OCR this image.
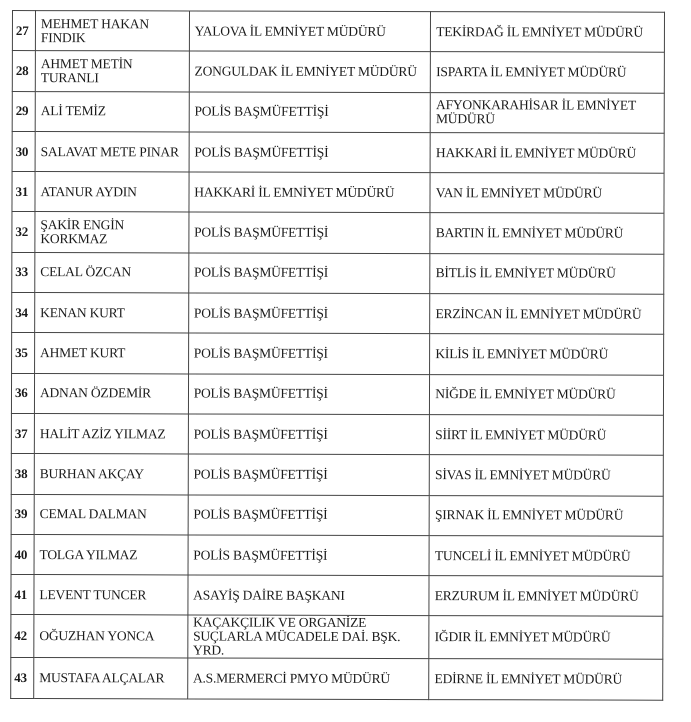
27	MEHMET HAKAN FINDIK	YALOVA İL EMNİYET MÜDÜRÜ	TEKİRDAĞ İL EMNİYET MÜDÜRÜ
28	AHMET METİN TURANLI	ZONGULDAK İL EMNİYET MÜDÜRÜ	ISPARTA İL EMNİYET MÜDÜRÜ
29	ALİ TEMİZ	POLİS BAŞMÜFETTİŞİ	AFYONKARAHİSAR İL EMNİYET MÜDÜRÜ
30	SALAVAT METE PINAR	POLİS BAŞMÜFETTİŞİ	HAKKARİ İL EMNİYET MÜDÜRÜ
31	ATANUR AYDIN	HAKKARİ İL EMNİYET MÜDÜRÜ	VAN İL EMNİYET MÜDÜRÜ
32	ŞAKİR ENGİN KORKMAZ	POLİS BAŞMÜFETTİŞİ	BARTIN İL EMNİYET MÜDÜRÜ
33	CELAL ÖZCAN	POLİS BAŞMÜFETTİŞİ	BİTLİS İL EMNİYET MÜDÜRÜ
34	KENAN KURT	POLİS BAŞMÜFETTİŞİ	ERZİNCAN İL EMNİYET MÜDÜRÜ
35	AHMET KURT	POLİS BAŞMÜFETTİŞİ	KİLİS İL EMNİYET MÜDÜRÜ
36	ADNAN ÖZDEMİR	POLİS BAŞMÜFETTİŞİ	NİĞDE İL EMNİYET MÜDÜRÜ
37	HALİT AZİZ YILMAZ	POLİS BAŞMÜFETTİŞİ	SİİRT İL EMNİYET MÜDÜRÜ
38	BURHAN AKÇAY	POLİS BAŞMÜFETTİŞİ	SİVAS İL EMNİYET MÜDÜRÜ
39	CEMAL DALMAN	POLİS BAŞMÜFETTİŞİ	ŞIRNAK İL EMNİYET MÜDÜRÜ
40	TOLGA YILMAZ	POLİS BAŞMÜFETTİŞİ	TUNCELİ İL EMNİYET MÜDÜRÜ
41	LEVENT TUNCER	ASAYİŞ DAİRE BAŞKANI	ERZURUM İL EMNİYET MÜDÜRÜ
42	OĞUZHAN YONCA	KAÇAKÇILIK VE ORGANİZE SUÇLARLA MÜCADELE DAİ. BŞK. YRD.	IĞDIR İL EMNİYET MÜDÜRÜ
43	MUSTAFA ALÇALAR	A.S.MERMERCİ PMYO MÜDÜRÜ	EDİRNE İL EMNİYET MÜDÜRÜ
